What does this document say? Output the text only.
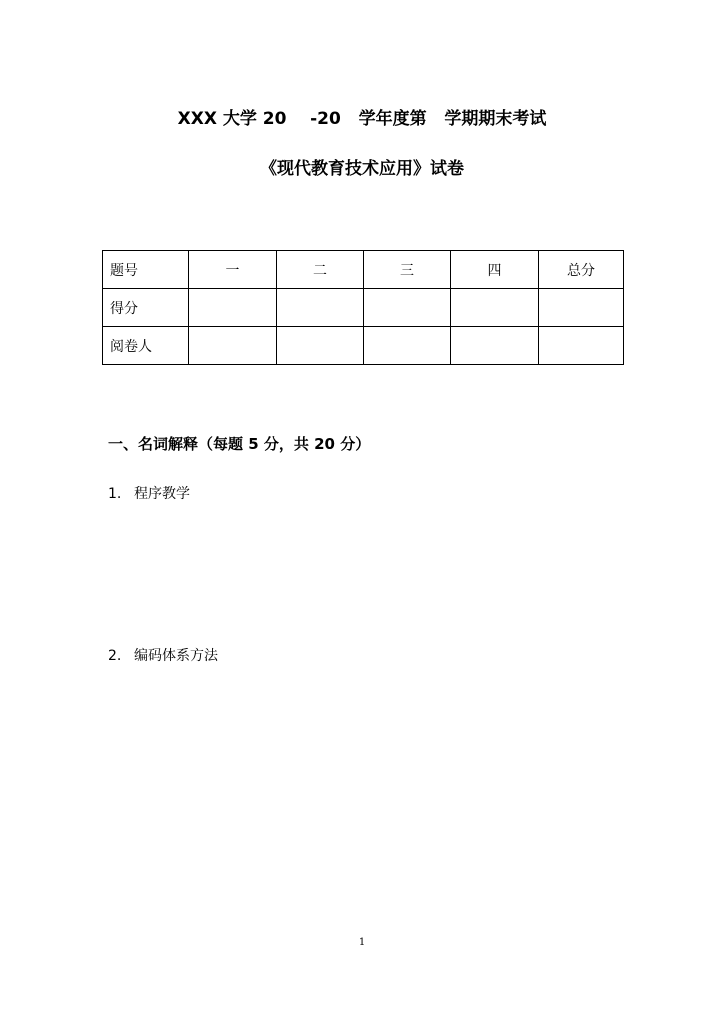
XXX 大学 20    -20   学年度第   学期期末考试
《现代教育技术应用》试卷
题号	一	二	三	四	总分
得分					
阅卷人					
一、名词解释（每题 5 分，共 20 分）
1. 程序教学
2. 编码体系方法
1
